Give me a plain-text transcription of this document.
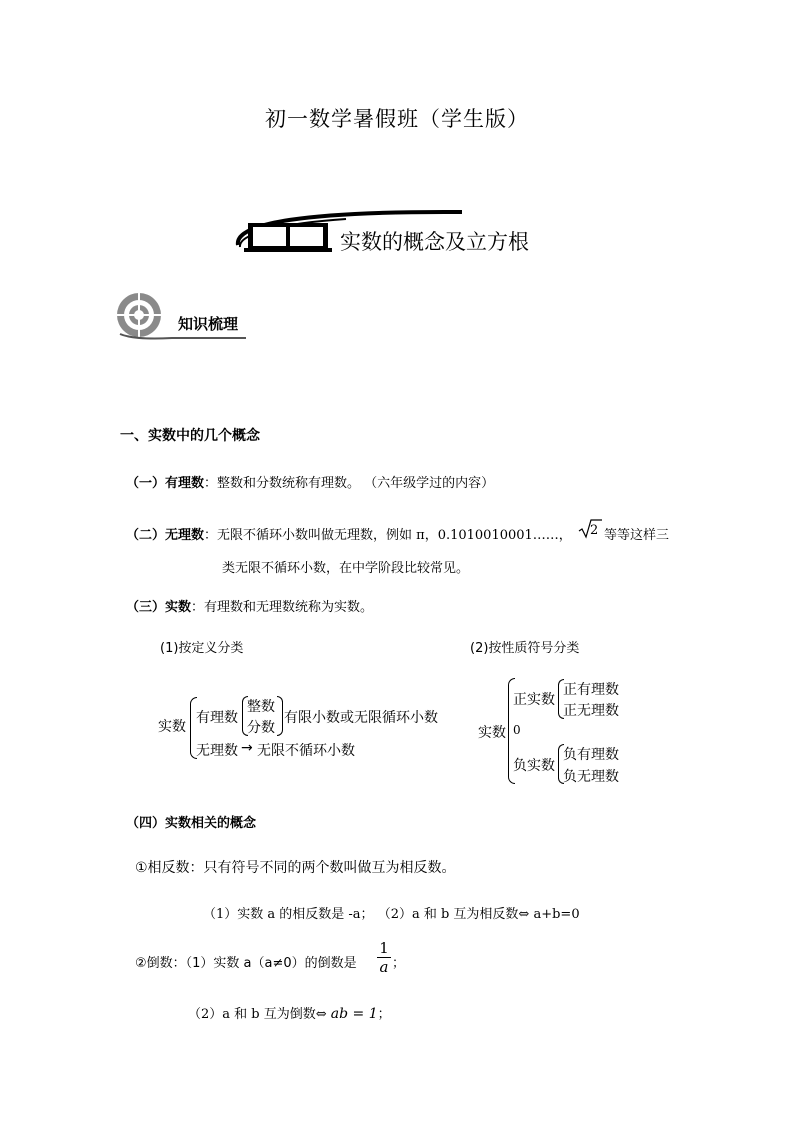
初一数学暑假班（学生版）
实数的概念及立方根
知识梳理
一、实数中的几个概念
（一）有理数：整数和分数统称有理数。 （六年级学过的内容）
（二）无理数：无限不循环小数叫做无理数，例如 π，0.1010010001……， 2 等等这样三
类无限不循环小数，在中学阶段比较常见。
（三）实数：有理数和无理数统称为实数。
(1)按定义分类
实数
有理数
整数
分数
有限小数或无限循环小数
无理数 → 无限不循环小数
(2)按性质符号分类
实数
正实数
正有理数
正无理数
0
负实数
负有理数
负无理数
（四）实数相关的概念
①相反数：只有符号不同的两个数叫做互为相反数。
（1）实数 a 的相反数是 -a； （2）a 和 b 互为相反数⇔ a+b=0
②倒数：（1）实数 a（a≠0）的倒数是
1
a ；
（2）a 和 b 互为倒数⇔ ab = 1；
